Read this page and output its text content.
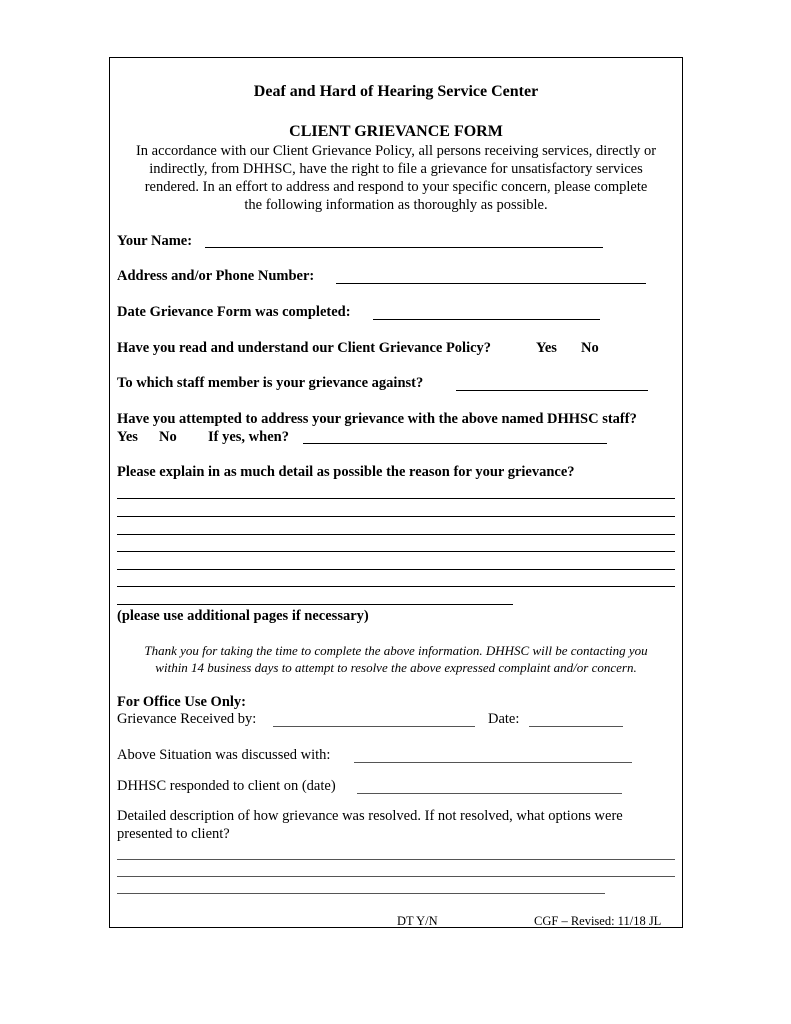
Deaf and Hard of Hearing Service Center
CLIENT GRIEVANCE FORM
In accordance with our Client Grievance Policy, all persons receiving services, directly or
indirectly, from DHHSC, have the right to file a grievance for unsatisfactory services
rendered. In an effort to address and respond to your specific concern, please complete
the following information as thoroughly as possible.
Your Name:
Address and/or Phone Number:
Date Grievance Form was completed:
Have you read and understand our Client Grievance Policy?	Yes No
To which staff member is your grievance against?
Have you attempted to address your grievance with the above named DHHSC staff?
Yes No If yes, when?
Please explain in as much detail as possible the reason for your grievance?
(please use additional pages if necessary)
Thank you for taking the time to complete the above information. DHHSC will be contacting you
within 14 business days to attempt to resolve the above expressed complaint and/or concern.
For Office Use Only:
Grievance Received by:	Date:
Above Situation was discussed with:
DHHSC responded to client on (date)
Detailed description of how grievance was resolved. If not resolved, what options were
presented to client?
DT Y/N	CGF – Revised: 11/18 JL
